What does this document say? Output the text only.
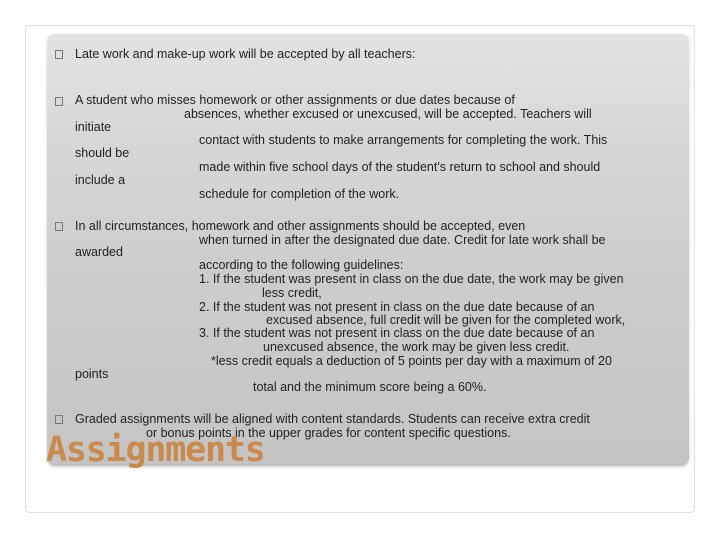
Late work and make-up work will be accepted by all teachers:

A student who misses homework or other assignments or due dates because of

absences, whether excused or unexcused, will be accepted. Teachers will

initiate

contact with students to make arrangements for completing the work. This

should be

made within five school days of the student's return to school and should

include a

schedule for completion of the work.

In all circumstances, homework and other assignments should be accepted, even

when turned in after the designated due date. Credit for late work shall be

awarded

according to the following guidelines:

1. If the student was present in class on the due date, the work may be given

less credit,

2. If the student was not present in class on the due date because of an

excused absence, full credit will be given for the completed work,

3. If the student was not present in class on the due date because of an

unexcused absence, the work may be given less credit.

*less credit equals a deduction of 5 points per day with a maximum of 20

points

total and the minimum score being a 60%.

Graded assignments will be aligned with content standards. Students can receive extra credit

or bonus points in the upper grades for content specific questions.

Assignments
